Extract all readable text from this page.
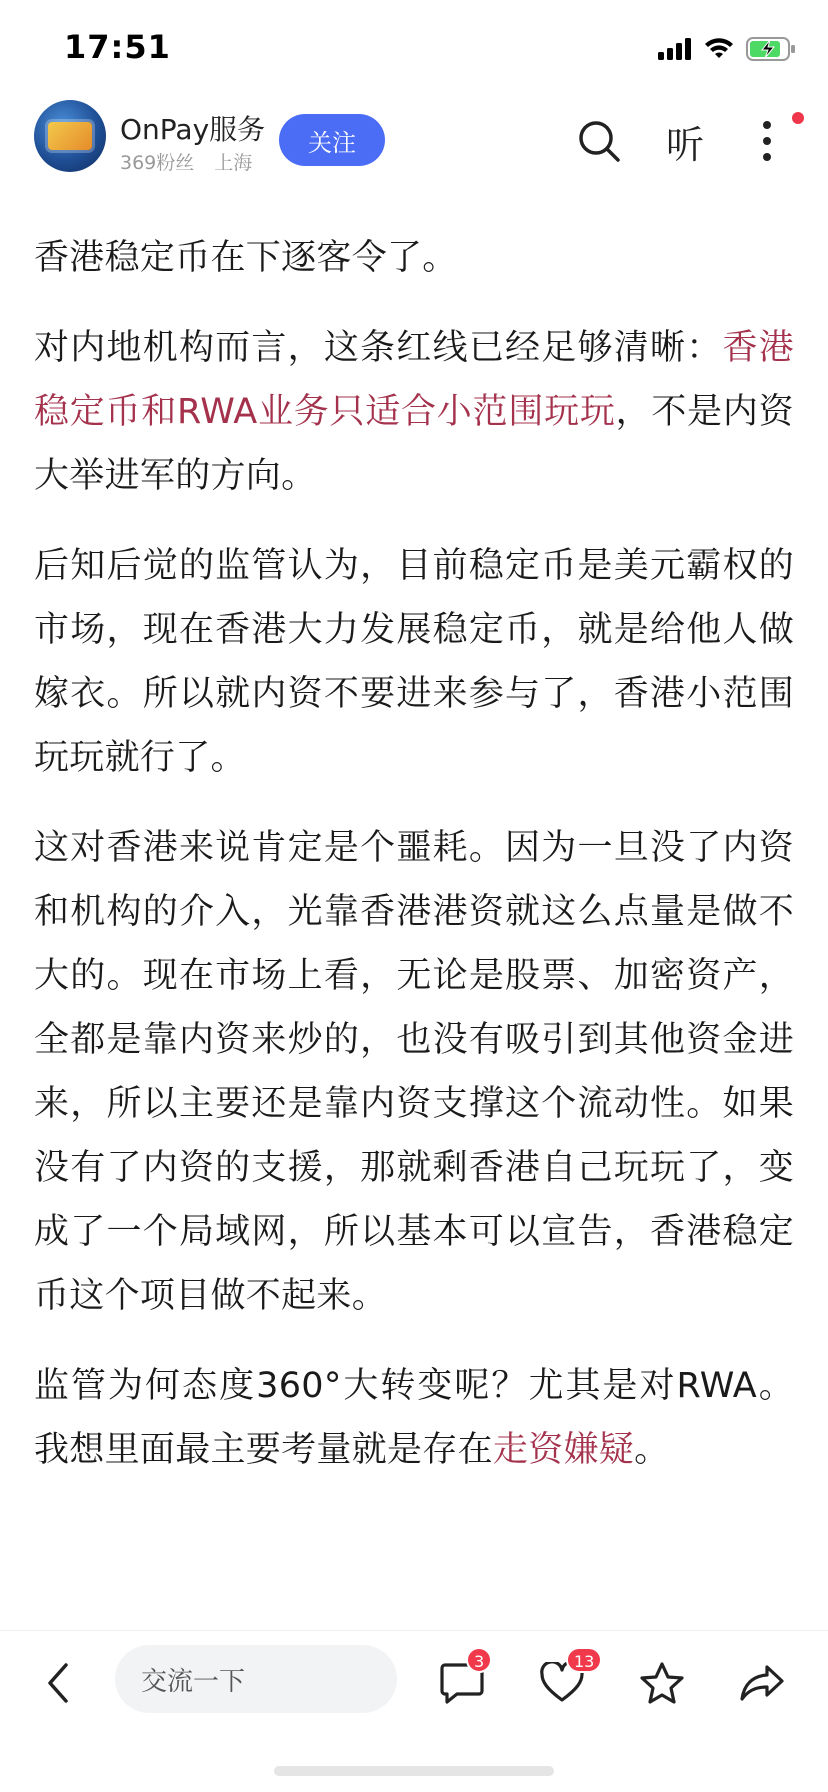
17:51
OnPay服务
369粉丝 上海
关注	听

香港稳定币在下逐客令了。

对内地机构而言，这条红线已经足够清晰：香港稳定币和RWA业务只适合小范围玩玩，不是内资大举进军的方向。

后知后觉的监管认为，目前稳定币是美元霸权的市场，现在香港大力发展稳定币，就是给他人做嫁衣。所以就内资不要进来参与了，香港小范围玩玩就行了。

这对香港来说肯定是个噩耗。因为一旦没了内资和机构的介入，光靠香港港资就这么点量是做不大的。现在市场上看，无论是股票、加密资产，全都是靠内资来炒的，也没有吸引到其他资金进来，所以主要还是靠内资支撑这个流动性。如果没有了内资的支援，那就剩香港自己玩玩了，变成了一个局域网，所以基本可以宣告，香港稳定币这个项目做不起来。

监管为何态度360°大转变呢？尤其是对RWA。我想里面最主要考量就是存在走资嫌疑。

交流一下
3	13
